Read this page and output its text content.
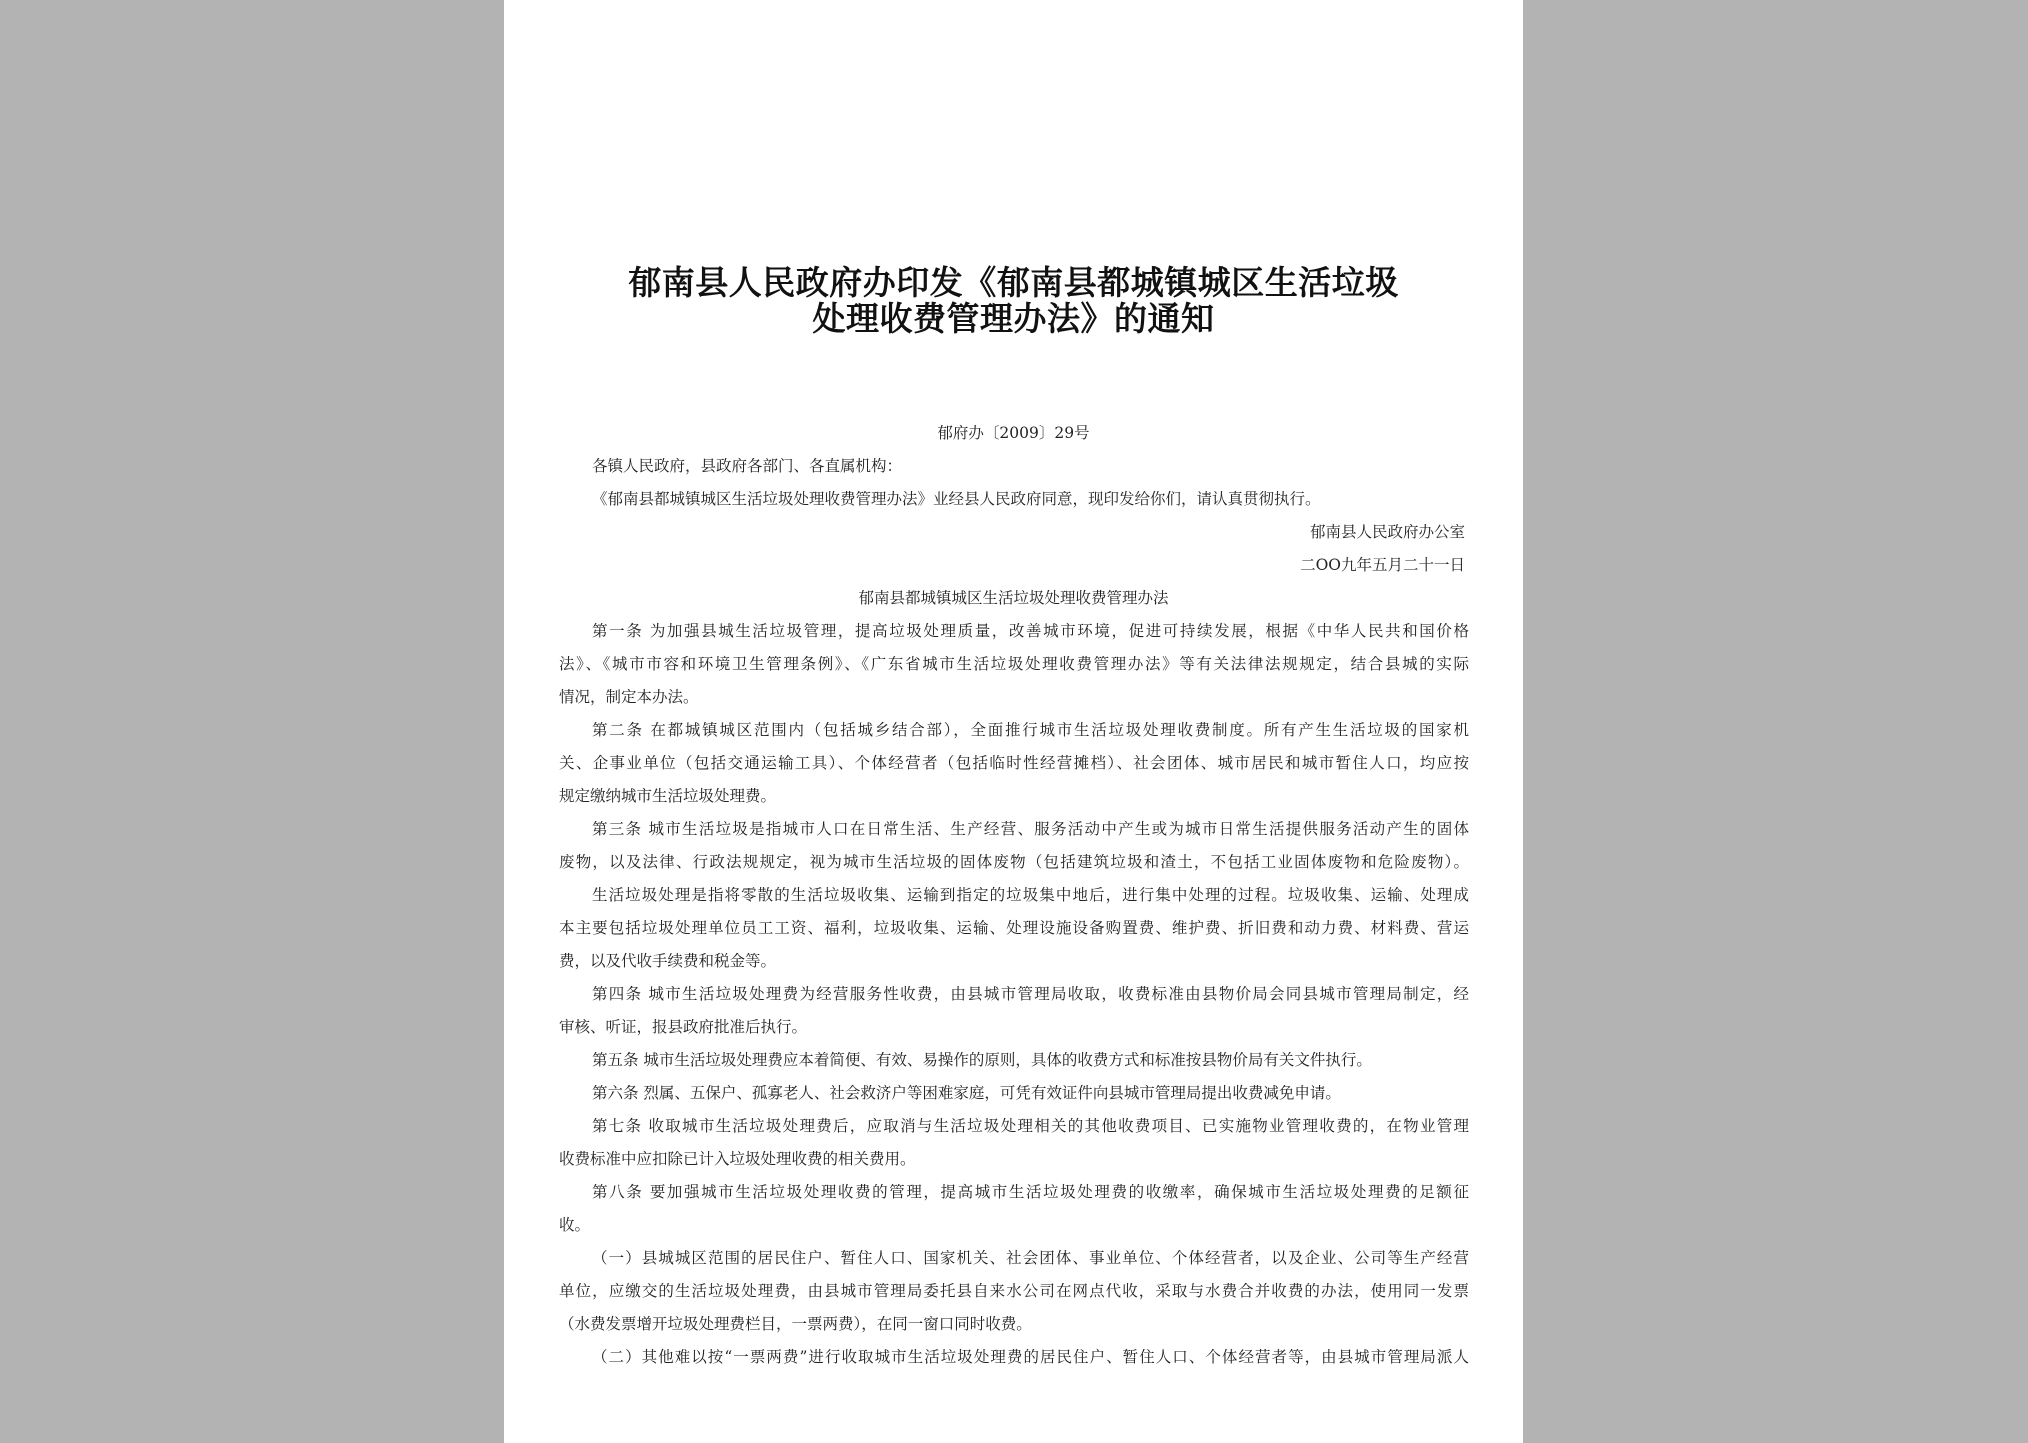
郁南县人民政府办印发《郁南县都城镇城区生活垃圾
处理收费管理办法》的通知
郁府办〔2009〕29号
各镇人民政府，县政府各部门、各直属机构：
《郁南县都城镇城区生活垃圾处理收费管理办法》业经县人民政府同意，现印发给你们，请认真贯彻执行。
郁南县人民政府办公室
二OO九年五月二十一日
郁南县都城镇城区生活垃圾处理收费管理办法
第一条 为加强县城生活垃圾管理，提高垃圾处理质量，改善城市环境，促进可持续发展，根据《中华人民共和国价格
法》、《城市市容和环境卫生管理条例》、《广东省城市生活垃圾处理收费管理办法》等有关法律法规规定，结合县城的实际
情况，制定本办法。
第二条 在都城镇城区范围内（包括城乡结合部），全面推行城市生活垃圾处理收费制度。所有产生生活垃圾的国家机
关、企事业单位（包括交通运输工具）、个体经营者（包括临时性经营摊档）、社会团体、城市居民和城市暂住人口，均应按
规定缴纳城市生活垃圾处理费。
第三条 城市生活垃圾是指城市人口在日常生活、生产经营、服务活动中产生或为城市日常生活提供服务活动产生的固体
废物，以及法律、行政法规规定，视为城市生活垃圾的固体废物（包括建筑垃圾和渣土，不包括工业固体废物和危险废物）。
生活垃圾处理是指将零散的生活垃圾收集、运输到指定的垃圾集中地后，进行集中处理的过程。垃圾收集、运输、处理成
本主要包括垃圾处理单位员工工资、福利，垃圾收集、运输、处理设施设备购置费、维护费、折旧费和动力费、材料费、营运
费，以及代收手续费和税金等。
第四条 城市生活垃圾处理费为经营服务性收费，由县城市管理局收取，收费标准由县物价局会同县城市管理局制定，经
审核、听证，报县政府批准后执行。
第五条 城市生活垃圾处理费应本着简便、有效、易操作的原则，具体的收费方式和标准按县物价局有关文件执行。
第六条 烈属、五保户、孤寡老人、社会救济户等困难家庭，可凭有效证件向县城市管理局提出收费减免申请。
第七条 收取城市生活垃圾处理费后，应取消与生活垃圾处理相关的其他收费项目、已实施物业管理收费的，在物业管理
收费标准中应扣除已计入垃圾处理收费的相关费用。
第八条 要加强城市生活垃圾处理收费的管理，提高城市生活垃圾处理费的收缴率，确保城市生活垃圾处理费的足额征
收。
（一）县城城区范围的居民住户、暂住人口、国家机关、社会团体、事业单位、个体经营者，以及企业、公司等生产经营
单位，应缴交的生活垃圾处理费，由县城市管理局委托县自来水公司在网点代收，采取与水费合并收费的办法，使用同一发票
（水费发票增开垃圾处理费栏目，一票两费），在同一窗口同时收费。
（二）其他难以按“一票两费”进行收取城市生活垃圾处理费的居民住户、暂住人口、个体经营者等，由县城市管理局派人
